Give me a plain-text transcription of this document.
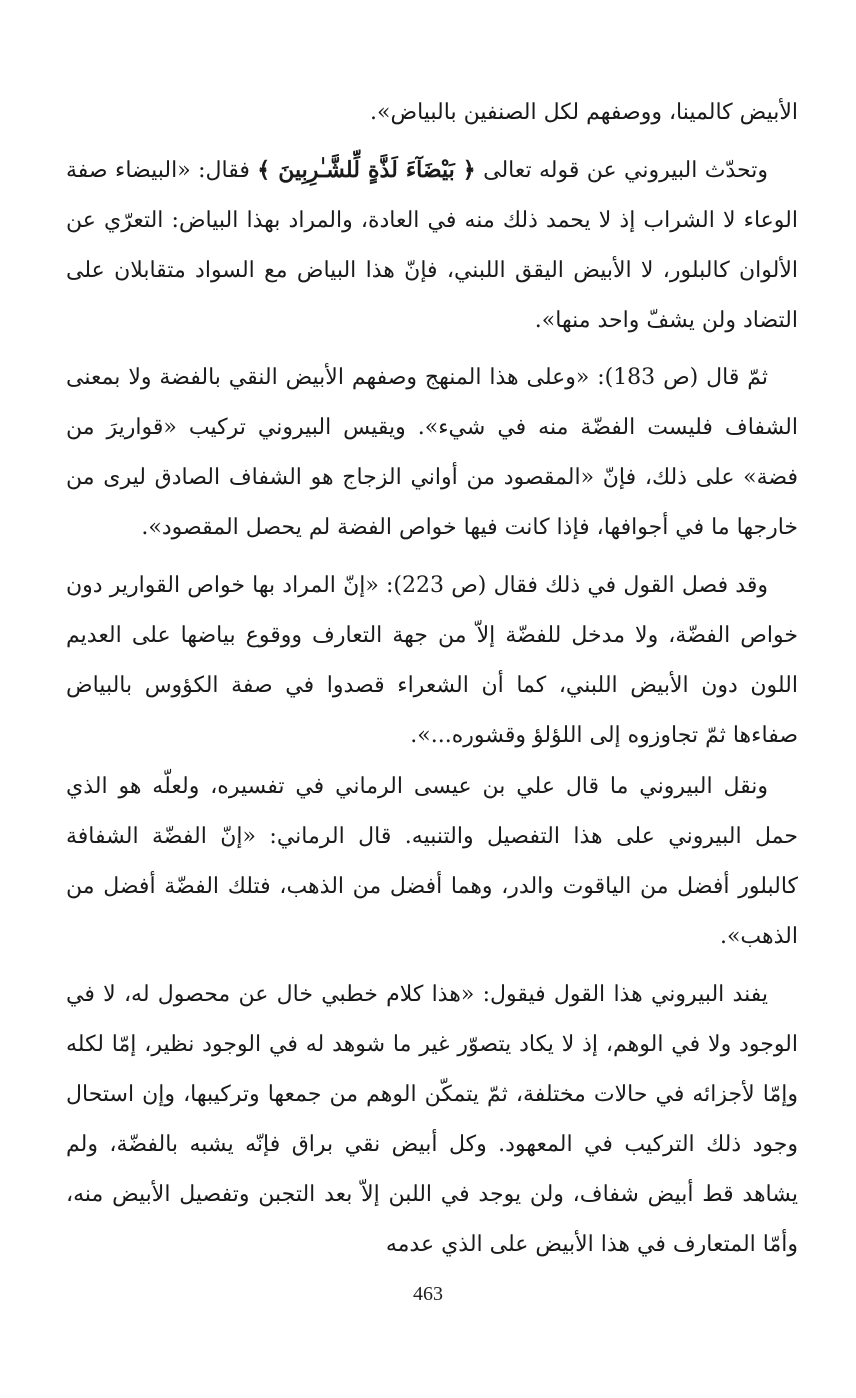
الأبيض كالمينا، ووصفهم لكل الصنفين بالبياض».

وتحدّث البيروني عن قوله تعالى ﴿ بَيْضَآءَ لَذَّةٍ لِّلشَّـٰرِبِينَ ﴾ فقال: «البيضاء صفة الوعاء لا الشراب إذ لا يحمد ذلك منه في العادة، والمراد بهذا البياض: التعرّي عن الألوان كالبلور، لا الأبيض اليقق اللبني، فإنّ هذا البياض مع السواد متقابلان على التضاد ولن يشفّ واحد منها».

ثمّ قال (ص 183): «وعلى هذا المنهج وصفهم الأبيض النقي بالفضة ولا بمعنى الشفاف فليست الفضّة منه في شيء». ويقيس البيروني تركيب «قواريرَ من فضة» على ذلك، فإنّ «المقصود من أواني الزجاج هو الشفاف الصادق ليرى من خارجها ما في أجوافها، فإذا كانت فيها خواص الفضة لم يحصل المقصود».

وقد فصل القول في ذلك فقال (ص 223): «إنّ المراد بها خواص القوارير دون خواص الفضّة، ولا مدخل للفضّة إلاّ من جهة التعارف ووقوع بياضها على العديم اللون دون الأبيض اللبني، كما أن الشعراء قصدوا في صفة الكؤوس بالبياض صفاءها ثمّ تجاوزوه إلى اللؤلؤ وقشوره...».

ونقل البيروني ما قال علي بن عيسى الرماني في تفسيره، ولعلّه هو الذي حمل البيروني على هذا التفصيل والتنبيه. قال الرماني: «إنّ الفضّة الشفافة كالبلور أفضل من الياقوت والدر، وهما أفضل من الذهب، فتلك الفضّة أفضل من الذهب».

يفند البيروني هذا القول فيقول: «هذا كلام خطبي خال عن محصول له، لا في الوجود ولا في الوهم، إذ لا يكاد يتصوّر غير ما شوهد له في الوجود نظير، إمّا لكله وإمّا لأجزائه في حالات مختلفة، ثمّ يتمكّن الوهم من جمعها وتركيبها، وإن استحال وجود ذلك التركيب في المعهود. وكل أبيض نقي براق فإنّه يشبه بالفضّة، ولم يشاهد قط أبيض شفاف، ولن يوجد في اللبن إلاّ بعد التجبن وتفصيل الأبيض منه، وأمّا المتعارف في هذا الأبيض على الذي عدمه

463
